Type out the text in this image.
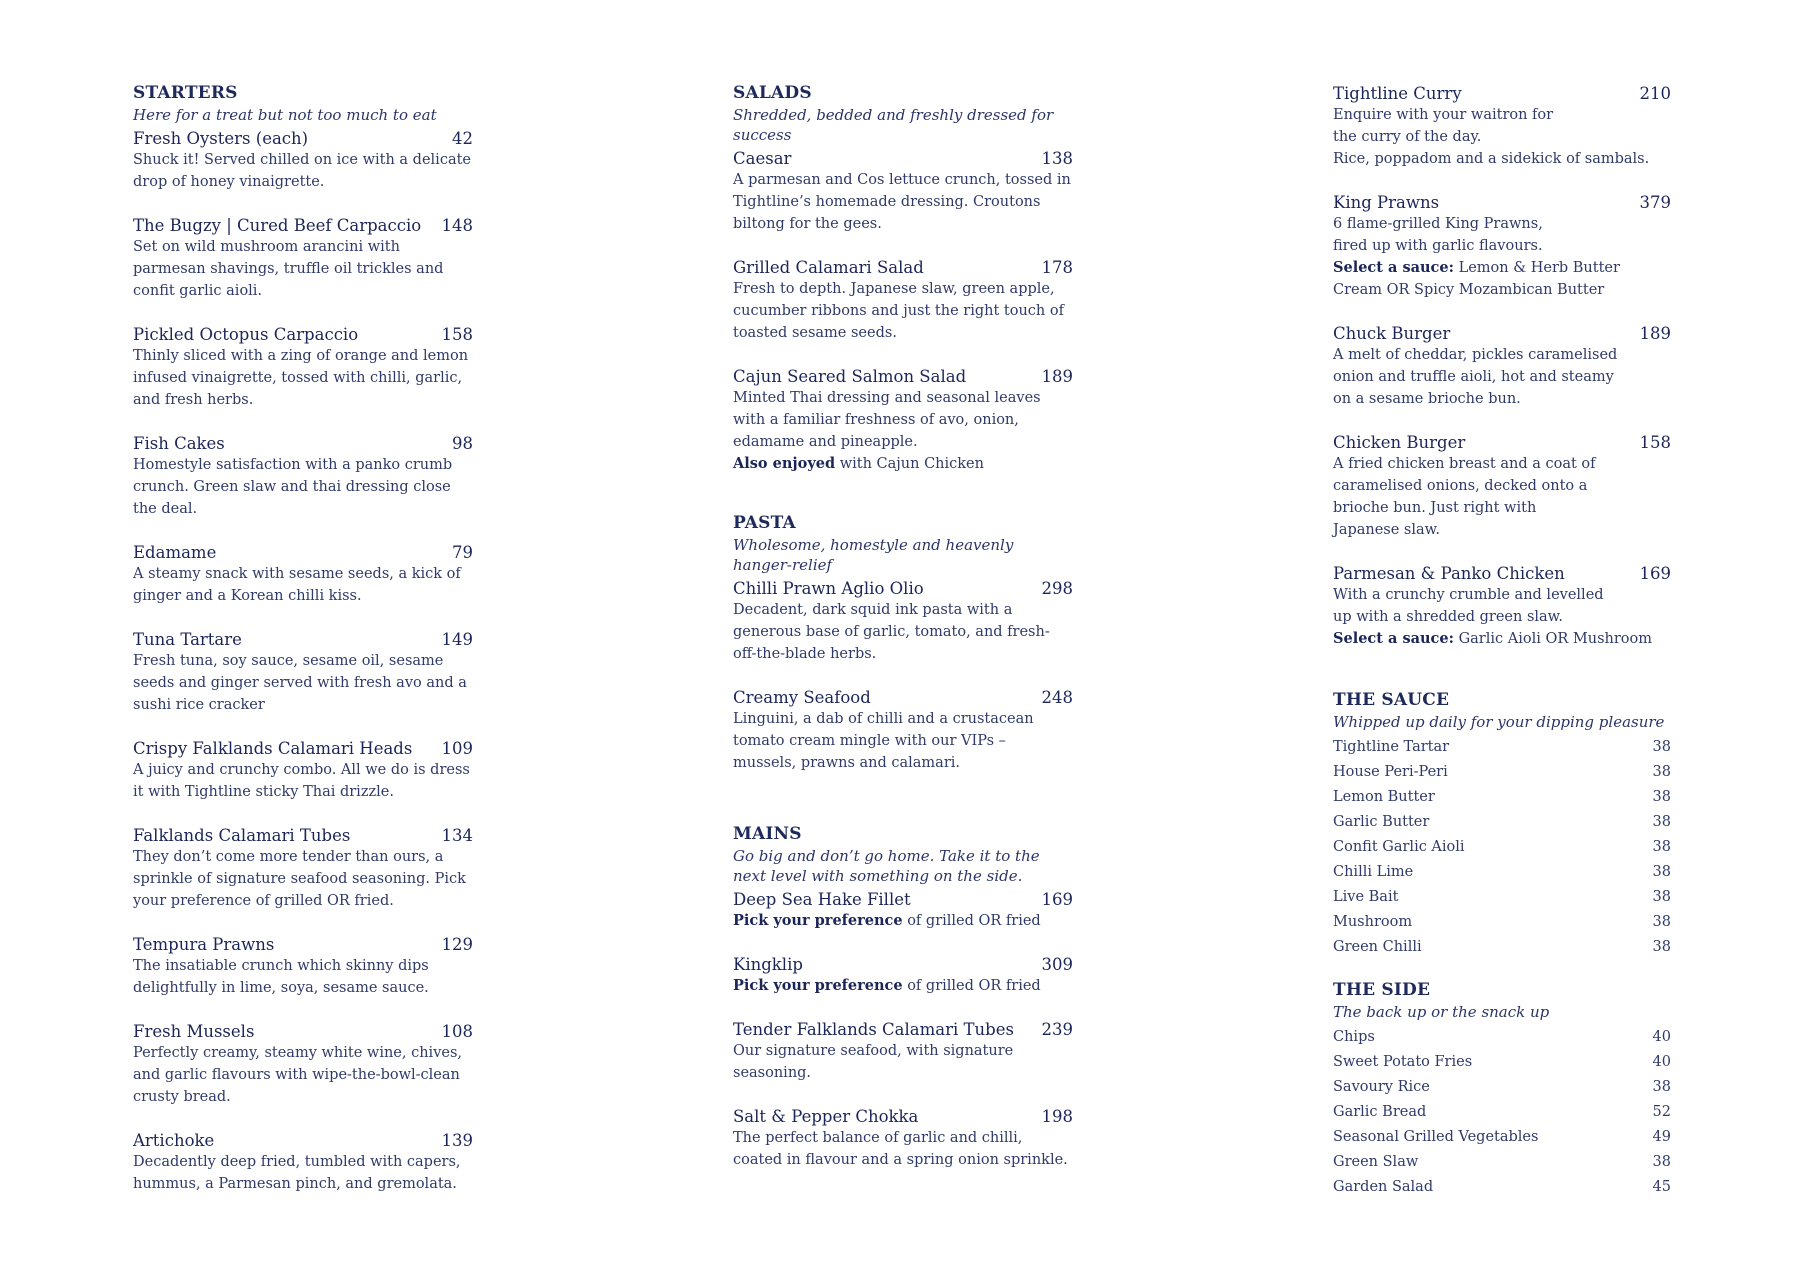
STARTERS
Here for a treat but not too much to eat
Fresh Oysters (each)	42

Shuck it! Served chilled on ice with a delicate drop of honey vinaigrette.

The Bugzy | Cured Beef Carpaccio 148

Set on wild mushroom arancini with parmesan shavings, truffle oil trickles and confit garlic aioli.

Pickled Octopus Carpaccio	158

Thinly sliced with a zing of orange and lemon infused vinaigrette, tossed with chilli, garlic, and fresh herbs.

Fish Cakes	98

Homestyle satisfaction with a panko crumb crunch. Green slaw and thai dressing close the deal.

Edamame	79

A steamy snack with sesame seeds, a kick of ginger and a Korean chilli kiss.

Tuna Tartare	149

Fresh tuna, soy sauce, sesame oil, sesame seeds and ginger served with fresh avo and a sushi rice cracker

Crispy Falklands Calamari Heads 109

A juicy and crunchy combo. All we do is dress it with Tightline sticky Thai drizzle.

Falklands Calamari Tubes	134

They don’t come more tender than ours, a sprinkle of signature seafood seasoning. Pick your preference of grilled OR fried.

Tempura Prawns	129

The insatiable crunch which skinny dips delightfully in lime, soya, sesame sauce.

Fresh Mussels	108

Perfectly creamy, steamy white wine, chives, and garlic flavours with wipe-the-bowl-clean crusty bread.

Artichoke	139

Decadently deep fried, tumbled with capers, hummus, a Parmesan pinch, and gremolata.

SALADS
Shredded, bedded and freshly dressed for success
Caesar	138

A parmesan and Cos lettuce crunch, tossed in Tightline’s homemade dressing. Croutons biltong for the gees.

Grilled Calamari Salad	178

Fresh to depth. Japanese slaw, green apple, cucumber ribbons and just the right touch of toasted sesame seeds.

Cajun Seared Salmon Salad	189

Minted Thai dressing and seasonal leaves with a familiar freshness of avo, onion, edamame and pineapple.

Also enjoyed with Cajun Chicken

PASTA
Wholesome, homestyle and heavenly hanger-relief
Chilli Prawn Aglio Olio	298

Decadent, dark squid ink pasta with a generous base of garlic, tomato, and fresh-off-the-blade herbs.

Creamy Seafood	248

Linguini, a dab of chilli and a crustacean tomato cream mingle with our VIPs – mussels, prawns and calamari.

MAINS
Go big and don’t go home. Take it to the next level with something on the side.
Deep Sea Hake Fillet	169

Pick your preference of grilled OR fried

Kingklip	309

Pick your preference of grilled OR fried

Tender Falklands Calamari Tubes 239

Our signature seafood, with signature seasoning.

Salt & Pepper Chokka	198

The perfect balance of garlic and chilli, coated in flavour and a spring onion sprinkle.

Tightline Curry	210

Enquire with your waitron for the curry of the day.

Rice, poppadom and a sidekick of sambals.

King Prawns	379

6 flame-grilled King Prawns, fired up with garlic flavours.

Select a sauce: Lemon & Herb Butter Cream OR Spicy Mozambican Butter

Chuck Burger	189

A melt of cheddar, pickles caramelised onion and truffle aioli, hot and steamy on a sesame brioche bun.

Chicken Burger	158

A fried chicken breast and a coat of caramelised onions, decked onto a brioche bun. Just right with Japanese slaw.

Parmesan & Panko Chicken	169

With a crunchy crumble and levelled up with a shredded green slaw.

Select a sauce: Garlic Aioli OR Mushroom

THE SAUCE
Whipped up daily for your dipping pleasure
Tightline Tartar	38
House Peri-Peri	38
Lemon Butter	38
Garlic Butter	38
Confit Garlic Aioli	38
Chilli Lime	38
Live Bait	38
Mushroom	38
Green Chilli	38
THE SIDE
The back up or the snack up
Chips	40
Sweet Potato Fries	40
Savoury Rice	38
Garlic Bread	52
Seasonal Grilled Vegetables	49
Green Slaw	38
Garden Salad	45
